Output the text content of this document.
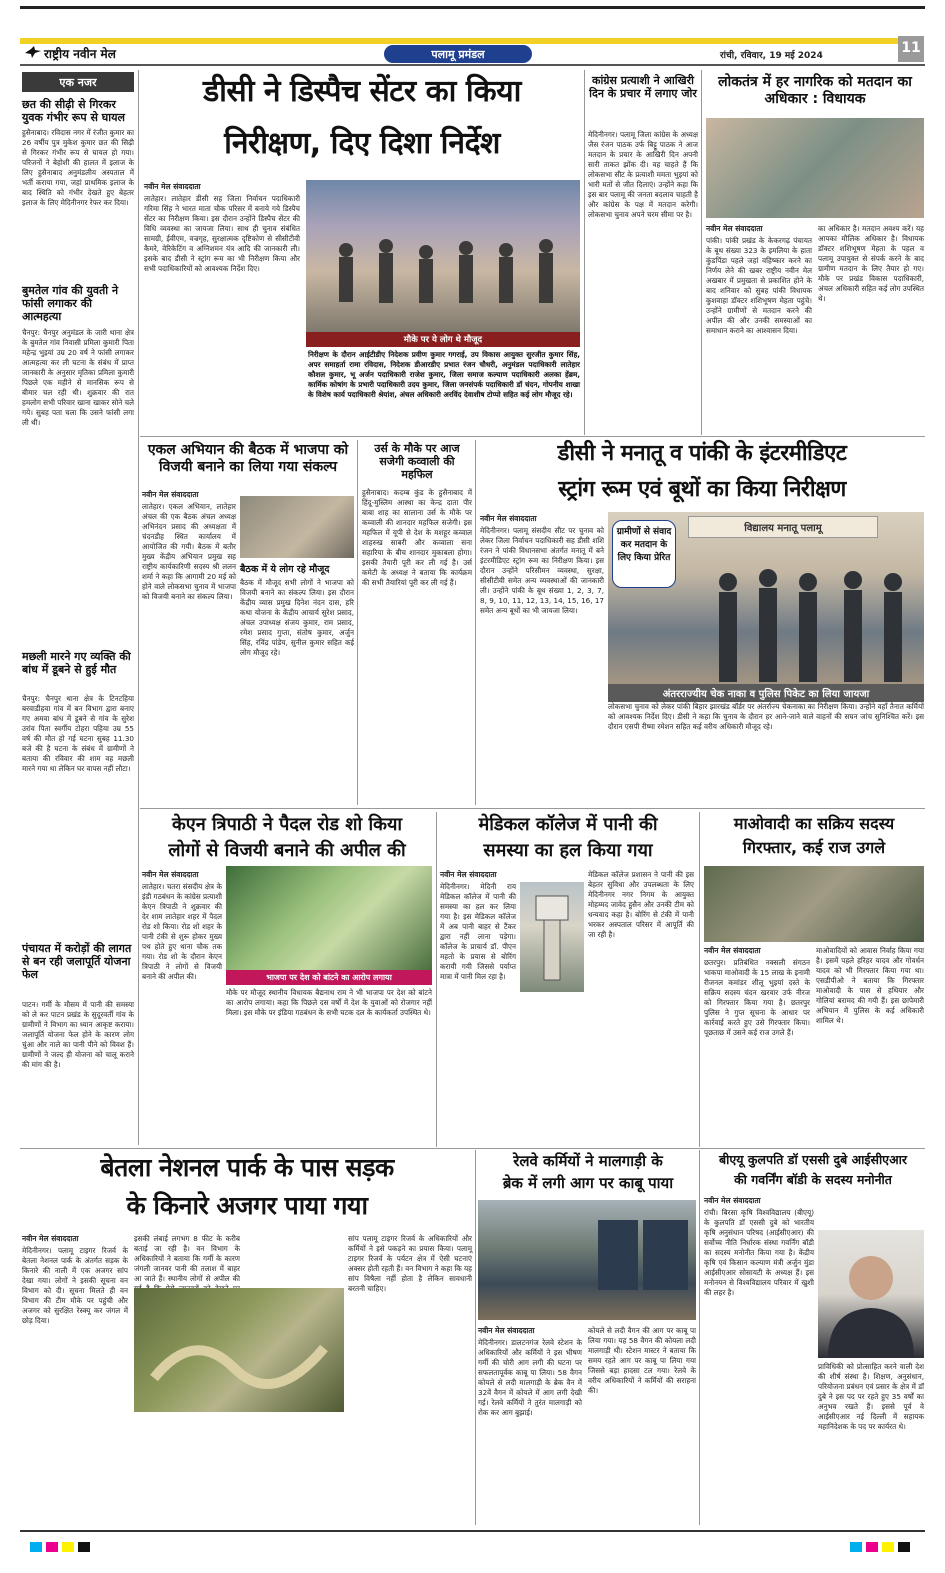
राष्ट्रीय नवीन मेल	पलामू प्रमंडल	रांची, रविवार, 19 मई 2024	11
एक नजर
छत की सीढ़ी से गिरकर युवक गंभीर रूप से घायल
हुसैनाबाद। रविदास नगर में रंजीत कुमार का 26 वर्षीय पुत्र मुकेश कुमार छत की सिढ़ी से गिरकर गंभीर रूप से घायल हो गया। परिजनों ने बेहोशी की हालत में इलाज के लिए हुसैनाबाद अनुमंडलीय अस्पताल में भर्ती कराया गया, जहां प्राथमिक इलाज के बाद स्थिति को गंभीर देखते हुए बेहतर इलाज के लिए मेदिनीनगर रेफर कर दिया।
बुमतेल गांव की युवती ने फांसी लगाकर की आत्महत्या
चैनपुर: चैनपुर अनुमंडल के जारी थाना क्षेत्र के बुमतेल गांव निवासी प्रमिला कुमारी पिता महेन्द्र भुइयां उम्र 20 वर्ष ने फांसी लगाकर आत्महत्या कर ली घटना के संबंध में प्राप्त जानकारी के अनुसार मृतिका प्रमिला कुमारी पिछले एक महीने से मानसिक रूप से बीमार चल रही थी। शुक्रवार की रात हमलोग सभी परिवार खाना खाकर सोने चले गये। सुबह पता चला कि उसने फांसी लगा ली थी।
मछली मारने गए व्यक्ति की बांध में डूबने से हुई मौत
चैनपुर: चैनपुर थाना क्षेत्र के टिनटहिया बरवाडीहवा गांव में बन विभाग द्वारा बनाए गए अमवा बांध में डूबने से गांव के सुरेश उरांव पिता स्वर्गीय टोहरा पहिया उम्र 55 वर्ष की मौत हो गई घटना सुबह 11.30 बजे की है घटना के संबंध में ग्रामीणों ने बताया की रविवार की शाम वह मछली मारने गया था लेकिन घर वापस नहीं लौटा।
पंचायत में करोड़ों की लागत से बन रही जलापूर्ति योजना फेल
पाटन। गर्मी के मौसम में पानी की समस्या को ले कर पाटन प्रखंड के सुदूरवर्ती गांव के ग्रामीणों ने विभाग का ध्यान आकृष्ट कराया। जलापूर्ति योजना फेल होने के कारण लोग चुंआ और नाले का पानी पीने को विवश हैं। ग्रामीणों ने जल्द ही योजना को चालू कराने की मांग की है।
डीसी ने डिस्पैच सेंटर का किया
निरीक्षण, दिए दिशा निर्देश
नवीन मेल संवाददाता
लातेहार। लातेहार डीसी सह जिला निर्वाचन पदाधिकारी गरिमा सिंह ने भारत माता चौक परिसर में बनाये गये डिस्पैच सेंटर का निरीक्षण किया। इस दौरान उन्होंने डिस्पैच सेंटर की विधि व्यवस्था का जायजा लिया। साथ ही चुनाव संबंधित सामग्री, ईवीएम, वज्रगृह, सुरक्षात्मक दृष्टिकोण से सीसीटीवी कैमरे, वेरिकेटिंग व अग्निशमन यंत्र आदि की जानकारी ली। इसके बाद डीसी ने स्ट्रांग रूम का भी निरीक्षण किया और सभी पदाधिकारियों को आवश्यक निर्देश दिए।
मौके पर ये लोग थे मौजूद
निरीक्षण के दौरान आईटीडीए निदेशक प्रवीण कुमार गगराई, उप विकास आयुक्त सुरजीत कुमार सिंह, अपर समाहर्ता रामा रविदास, निदेशक डीआरडीए प्रभात रंजन चौधरी, अनुमंडल पदाधिकारी लातेहार कौशल कुमार, भू अर्जन पदाधिकारी राजेश कुमार, जिला समाज कल्याण पदाधिकारी अलका हेंब्रम, कार्मिक कोषांग के प्रभारी पदाधिकारी उदय कुमार, जिला जनसंपर्क पदाधिकारी डॉ चंदन, गोपनीय शाखा के विशेष कार्य पदाधिकारी श्रेयांश, अंचल अधिकारी अरविंद देवाशीष टोप्पो सहित कई लोग मौजूद रहे।
कांग्रेस प्रत्याशी ने आखिरी दिन के प्रचार में लगाए जोर
मेदिनीनगर। पलामू जिला कांग्रेस के अध्यक्ष जैस रंजन पाठक उर्फ बिट्टू पाठक ने आज मतदान के प्रचार के आखिरी दिन अपनी सारी ताकत झोंक दी। वह चाहते हैं कि लोकसभा सीट के प्रत्याशी ममता भुइयां को भारी मतों से जीत दिलाएं। उन्होंने कहा कि इस बार पलामू की जनता बदलाव चाहती है और कांग्रेस के पक्ष में मतदान करेगी। लोकसभा चुनाव अपने चरम सीमा पर है।
लोकतंत्र में हर नागरिक को मतदान का अधिकार : विधायक
नवीन मेल संवाददाता
पांकी। पांकी प्रखंड के केकरगढ़ पंचायत के बूथ संख्या 323 के इमलिया के हाता कुंडपिंडा पहले जहां वहिष्कार करने का निर्णय लेने की खबर राष्ट्रीय नवीन मेल अखबार में प्रमुखता से प्रकाशित होने के बाद शनिवार को सुबह पांकी विधायक कुशवाहा डॉक्टर शशिभूषण मेहता पहुंचे। उन्होंने ग्रामीणों से मतदान करने की अपील की और उनकी समस्याओं का समाधान कराने का आश्वासन दिया।
का अधिकार है। मतदान अवश्य करें। यह आपका मौलिक अधिकार है। विधायक डॉक्टर शशिभूषण मेहता के पहल व पलामू उपायुक्त से संपर्क करने के बाद ग्रामीण मतदान के लिए तैयार हो गए। मौके पर प्रखंड विकास पदाधिकारी, अंचल अधिकारी सहित कई लोग उपस्थित थे।
एकल अभियान की बैठक में भाजपा को विजयी बनाने का लिया गया संकल्प
नवीन मेल संवाददाता
लातेहार। एकल अभियान, लातेहार अंचल की एक बैठक अंचल अध्यक्ष अभिनंदन प्रसाद की अध्यक्षता में चंदनडीह स्थित कार्यालय में आयोजित की गयी। बैठक में बतौर मुख्य केंद्रीय अभियान प्रमुख सह राष्ट्रीय कार्यकारिणी सदस्य श्री ललन शर्मा ने कहा कि आगामी 20 मई को होने वाले लोकसभा चुनाव में भाजपा को विजयी बनाने का संकल्प लिया।
बैठक में ये लोग रहे मौजूद
बैठक में मौजूद सभी लोगों ने भाजपा को विजयी बनाने का संकल्प लिया। इस दौरान केंद्रीय व्यास प्रमुख दिनेश नंदन दास, हरि कथा योजना के केंद्रीय आचार्य सुरेश प्रसाद, अंचल उपाध्यक्ष संजय कुमार, राम प्रसाद, रमेश प्रसाद गुप्ता, संतोष कुमार, अर्जुन सिंह, रविंद्र पांडेय, सुनील कुमार सहित कई लोग मौजूद रहे।
उर्स के मौके पर आज सजेगी कव्वाली की महफिल
हुसैनाबाद। कदम्ब कुंड के हुसैनाबाद में हिंदू-मुस्लिम आस्था का केन्द्र दाता पीर बाबा शाह का सालाना उर्स के मौके पर कव्वाली की शानदार महफिल सजेगी। इस महफिल में यूपी से देश के मशहूर कव्वाल शाहरुख साबरी और कव्वाला सना सहारिया के बीच शानदार मुकाबला होगा। इसकी तैयारी पूरी कर ली गई है। उर्स कमेटी के अध्यक्ष ने बताया कि कार्यक्रम की सभी तैयारियां पूरी कर ली गई हैं।
डीसी ने मनातू व पांकी के इंटरमीडिएट
स्ट्रांग रूम एवं बूथों का किया निरीक्षण
नवीन मेल संवाददाता
मेदिनीनगर। पलामू संसदीय सीट पर चुनाव को लेकर जिला निर्वाचन पदाधिकारी सह डीसी शशि रंजन ने पांकी विधानसभा अंतर्गत मनातू में बने इंटरमीडिएट स्ट्रांग रूम का निरीक्षण किया। इस दौरान उन्होंने परिसीमन व्यवस्था, सुरक्षा, सीसीटीवी समेत अन्य व्यवस्थाओं की जानकारी ली। उन्होंने पांकी के बूथ संख्या 1, 2, 3, 7, 8, 9, 10, 11, 12, 13, 14, 15, 16, 17 समेत अन्य बूथों का भी जायजा लिया।
विद्यालय मनातू पलामू
ग्रामीणों से संवाद कर मतदान के लिए किया प्रेरित
अंतरराज्यीय चेक नाका व पुलिस पिकेट का लिया जायजा
लोकसभा चुनाव को लेकर पांकी बिहार झारखंड बॉर्डर पर अंतर्राज्य चेकनाका का निरीक्षण किया। उन्होंने वहाँ तैनात कर्मियों को आवश्यक निर्देश दिए। डीसी ने कहा कि चुनाव के दौरान हर आने-जाने वाले वाहनों की सघन जांच सुनिश्चित करें। इस दौरान एसपी रीष्मा रमेशन सहित कई वरीय अधिकारी मौजूद रहे।
केएन त्रिपाठी ने पैदल रोड शो किया
लोगों से विजयी बनाने की अपील की
नवीन मेल संवाददाता
लातेहार। चतरा संसदीय क्षेत्र के इंडी गठबंधन के कांग्रेस प्रत्याशी केएन त्रिपाठी ने शुक्रवार की देर शाम लातेहार शहर में पैदल रोड शो किया। रोड शो शहर के पानी टंकी से शुरू होकर मुख्य पथ होते हुए थाना चौक तक गया। रोड शो के दौरान केएन त्रिपाठी ने लोगों से विजयी बनाने की अपील की।	भाजपा पर देश को बांटने का आरोप लगाया
मौके पर मौजूद स्थानीय विधायक बैद्यनाथ राम ने भी भाजपा पर देश को बांटने का आरोप लगाया। कहा कि पिछले दस वर्षों में देश के युवाओं को रोजगार नहीं मिला। इस मौके पर इंडिया गठबंधन के सभी घटक दल के कार्यकर्ता उपस्थित थे।
मेडिकल कॉलेज में पानी की
समस्या का हल किया गया
नवीन मेल संवाददाता
मेदिनीनगर। मेदिनी राय मेडिकल कॉलेज में पानी की समस्या का हल कर लिया गया है। इस मेडिकल कॉलेज में अब पानी बाहर से टैंकर द्वारा नहीं लाना पड़ेगा। कॉलेज के प्राचार्य डॉ. पीएन महतो के प्रयास से बोरिंग करायी गयी जिससे पर्याप्त मात्रा में पानी मिल रहा है।
मेडिकल कॉलेज प्रशासन ने पानी की इस बेहतर सुविधा और उपलब्धता के लिए मेदिनीनगर नगर निगम के आयुक्त मोहम्मद जावेद हुसैन और उनकी टीम को धन्यवाद कहा है। बोरिंग से टंकी में पानी भरकर अस्पताल परिसर में आपूर्ति की जा रही है।
माओवादी का सक्रिय सदस्य
गिरफ्तार, कई राज उगले
नवीन मेल संवाददाता
छतरपुर। प्रतिबंधित नक्सली संगठन भाकपा माओवादी के 15 लाख के इनामी रीजनल कमांडर शीलू भुइयां दस्ते के सक्रिय सदस्य चंदन खरवार उर्फ नीरज को गिरफ्तार किया गया है। छतरपुर पुलिस ने गुप्त सूचना के आधार पर कार्रवाई करते हुए उसे गिरफ्तार किया। पूछताछ में उसने कई राज उगले हैं।
माओवादियों को आवास निर्वाह किया गया है। इसमें पहले हरिहर यादव और गोवर्धन यादव को भी गिरफ्तार किया गया था। एसडीपीओ ने बताया कि गिरफ्तार माओवादी के पास से हथियार और गोलियां बरामद की गयी हैं। इस छापेमारी अभियान में पुलिस के कई अधिकारी शामिल थे।
बेतला नेशनल पार्क के पास सड़क
के किनारे अजगर पाया गया
नवीन मेल संवाददाता
मेदिनीनगर। पलामू टाइगर रिजर्व के बेतला नेशनल पार्क के अंतर्गत सड़क के किनारे की नाली में एक अजगर सांप देखा गया। लोगों ने इसकी सूचना वन विभाग को दी। सूचना मिलते ही वन विभाग की टीम मौके पर पहुंची और अजगर को सुरक्षित रेस्क्यू कर जंगल में छोड़ दिया।
इसकी लंबाई लगभग 8 फीट के करीब बताई जा रही है। वन विभाग के अधिकारियों ने बताया कि गर्मी के कारण जंगली जानवर पानी की तलाश में बाहर आ जाते हैं। स्थानीय लोगों से अपील की
सांप पलामू टाइगर रिजर्व के अधिकारियों और कर्मियों ने इसे पकड़ने का प्रयास किया। पलामू टाइगर रिजर्व के पर्यटन क्षेत्र में ऐसी घटनाएं अक्सर होती रहती हैं। वन विभाग ने कहा कि यह सांप विषैला नहीं होता है लेकिन सावधानी बरतनी चाहिए।
रेलवे कर्मियों ने मालगाड़ी के
ब्रेक में लगी आग पर काबू पाया
नवीन मेल संवाददाता
मेदिनीनगर। डालटनगंज रेलवे स्टेशन के अधिकारियों और कर्मियों ने इस भीषण गर्मी की चोरी आग लगी की घटना पर सफलतापूर्वक काबू पा लिया। 58 वैगन कोयले से लदी मालगाड़ी के ब्रेक वैन में 32वें वैगन में कोयले में आग लगी देखी गई। रेलवे कर्मियों ने तुरंत मालगाड़ी को रोक कर आग बुझाई।
कोयले से लदी वैगन की आग पर काबू पा लिया गया। यह 58 वैगन की कोयला लदी मालगाड़ी थी। स्टेशन मास्टर ने बताया कि समय रहते आग पर काबू पा लिया गया जिससे बड़ा हादसा टल गया। रेलवे के वरीय अधिकारियों ने कर्मियों की सराहना की।
बीएयू कुलपति डॉ एससी दुबे आईसीएआर
की गवर्निंग बॉडी के सदस्य मनोनीत
नवीन मेल संवाददाता
रांची। बिरसा कृषि विश्वविद्यालय (बीएयू) के कुलपति डॉ एससी दुबे को भारतीय कृषि अनुसंधान परिषद (आईसीएआर) की सर्वोच्च नीति निर्धारक संस्था गवर्निंग बॉडी का सदस्य मनोनीत किया गया है। केंद्रीय कृषि एवं किसान कल्याण मंत्री अर्जुन मुंडा आईसीएआर सोसायटी के अध्यक्ष हैं। इस मनोनयन से विश्वविद्यालय परिवार में खुशी की लहर है।
प्राविधिकी को प्रोत्साहित करने वाली देश की शीर्ष संस्था है। शिक्षण, अनुसंधान, परियोजना प्रबंधन एवं प्रसार के क्षेत्र में डॉ दुबे ने इस पद पर रहते हुए 35 वर्षों का अनुभव रखते हैं। इससे पूर्व वे आईसीएआर नई दिल्ली में सहायक महानिदेशक के पद पर कार्यरत थे।
